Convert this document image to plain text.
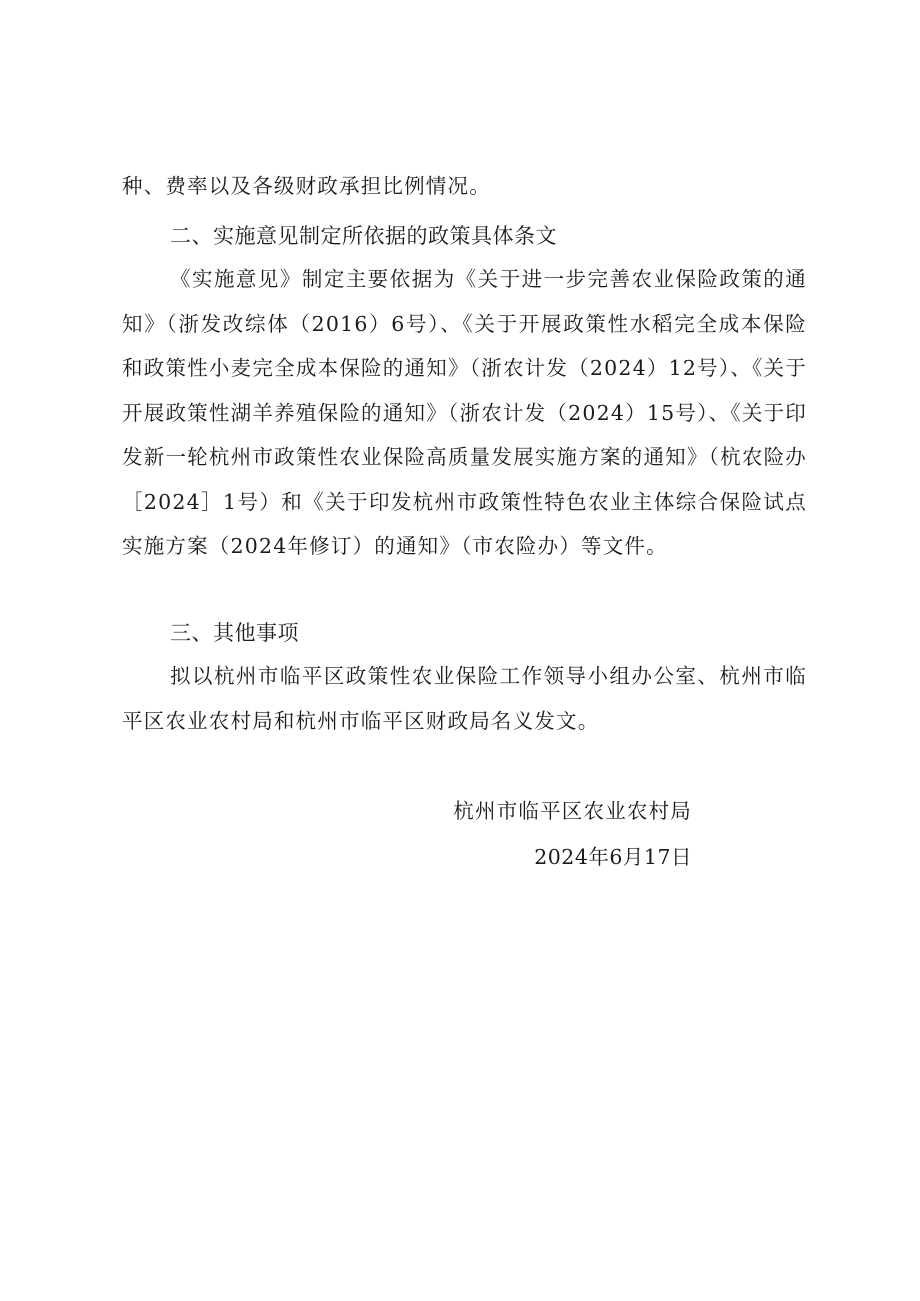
种、费率以及各级财政承担比例情况。

二、实施意见制定所依据的政策具体条文

《实施意见》制定主要依据为《关于进一步完善农业保险政策的通知》（浙发改综体（2016）6号）、《关于开展政策性水稻完全成本保险和政策性小麦完全成本保险的通知》（浙农计发（2024）12号）、《关于开展政策性湖羊养殖保险的通知》（浙农计发（2024）15号）、《关于印发新一轮杭州市政策性农业保险高质量发展实施方案的通知》（杭农险办［2024］1号）和《关于印发杭州市政策性特色农业主体综合保险试点实施方案（2024年修订）的通知》（市农险办）等文件。

三、其他事项

拟以杭州市临平区政策性农业保险工作领导小组办公室、杭州市临平区农业农村局和杭州市临平区财政局名义发文。

杭州市临平区农业农村局
2024年6月17日
